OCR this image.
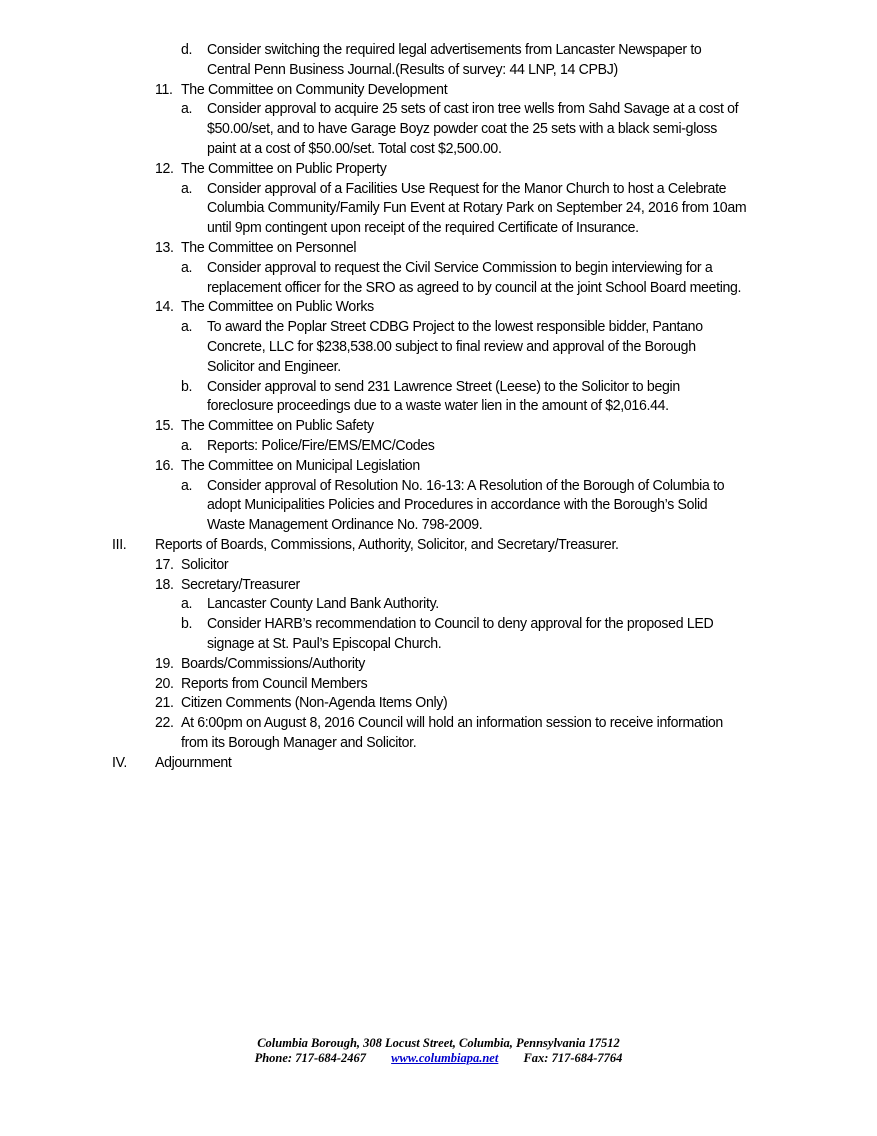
d. Consider switching the required legal advertisements from Lancaster Newspaper to
Central Penn Business Journal.(Results of survey: 44 LNP, 14 CPBJ)
11. The Committee on Community Development
a. Consider approval to acquire 25 sets of cast iron tree wells from Sahd Savage at a cost of
$50.00/set, and to have Garage Boyz powder coat the 25 sets with a black semi-gloss
paint at a cost of $50.00/set. Total cost $2,500.00.
12. The Committee on Public Property
a. Consider approval of a Facilities Use Request for the Manor Church to host a Celebrate
Columbia Community/Family Fun Event at Rotary Park on September 24, 2016 from 10am
until 9pm contingent upon receipt of the required Certificate of Insurance.
13. The Committee on Personnel
a. Consider approval to request the Civil Service Commission to begin interviewing for a
replacement officer for the SRO as agreed to by council at the joint School Board meeting.
14. The Committee on Public Works
a. To award the Poplar Street CDBG Project to the lowest responsible bidder, Pantano
Concrete, LLC for $238,538.00 subject to final review and approval of the Borough
Solicitor and Engineer.
b. Consider approval to send 231 Lawrence Street (Leese) to the Solicitor to begin
foreclosure proceedings due to a waste water lien in the amount of $2,016.44.
15. The Committee on Public Safety
a. Reports: Police/Fire/EMS/EMC/Codes
16. The Committee on Municipal Legislation
a. Consider approval of Resolution No. 16-13: A Resolution of the Borough of Columbia to
adopt Municipalities Policies and Procedures in accordance with the Borough’s Solid
Waste Management Ordinance No. 798-2009.
III. Reports of Boards, Commissions, Authority, Solicitor, and Secretary/Treasurer.
17. Solicitor
18. Secretary/Treasurer
a. Lancaster County Land Bank Authority.
b. Consider HARB’s recommendation to Council to deny approval for the proposed LED
signage at St. Paul’s Episcopal Church.
19. Boards/Commissions/Authority
20. Reports from Council Members
21. Citizen Comments (Non-Agenda Items Only)
22. At 6:00pm on August 8, 2016 Council will hold an information session to receive information
from its Borough Manager and Solicitor.
IV. Adjournment
Columbia Borough, 308 Locust Street, Columbia, Pennsylvania 17512
Phone: 717-684-2467 www.columbiapa.net Fax: 717-684-7764
